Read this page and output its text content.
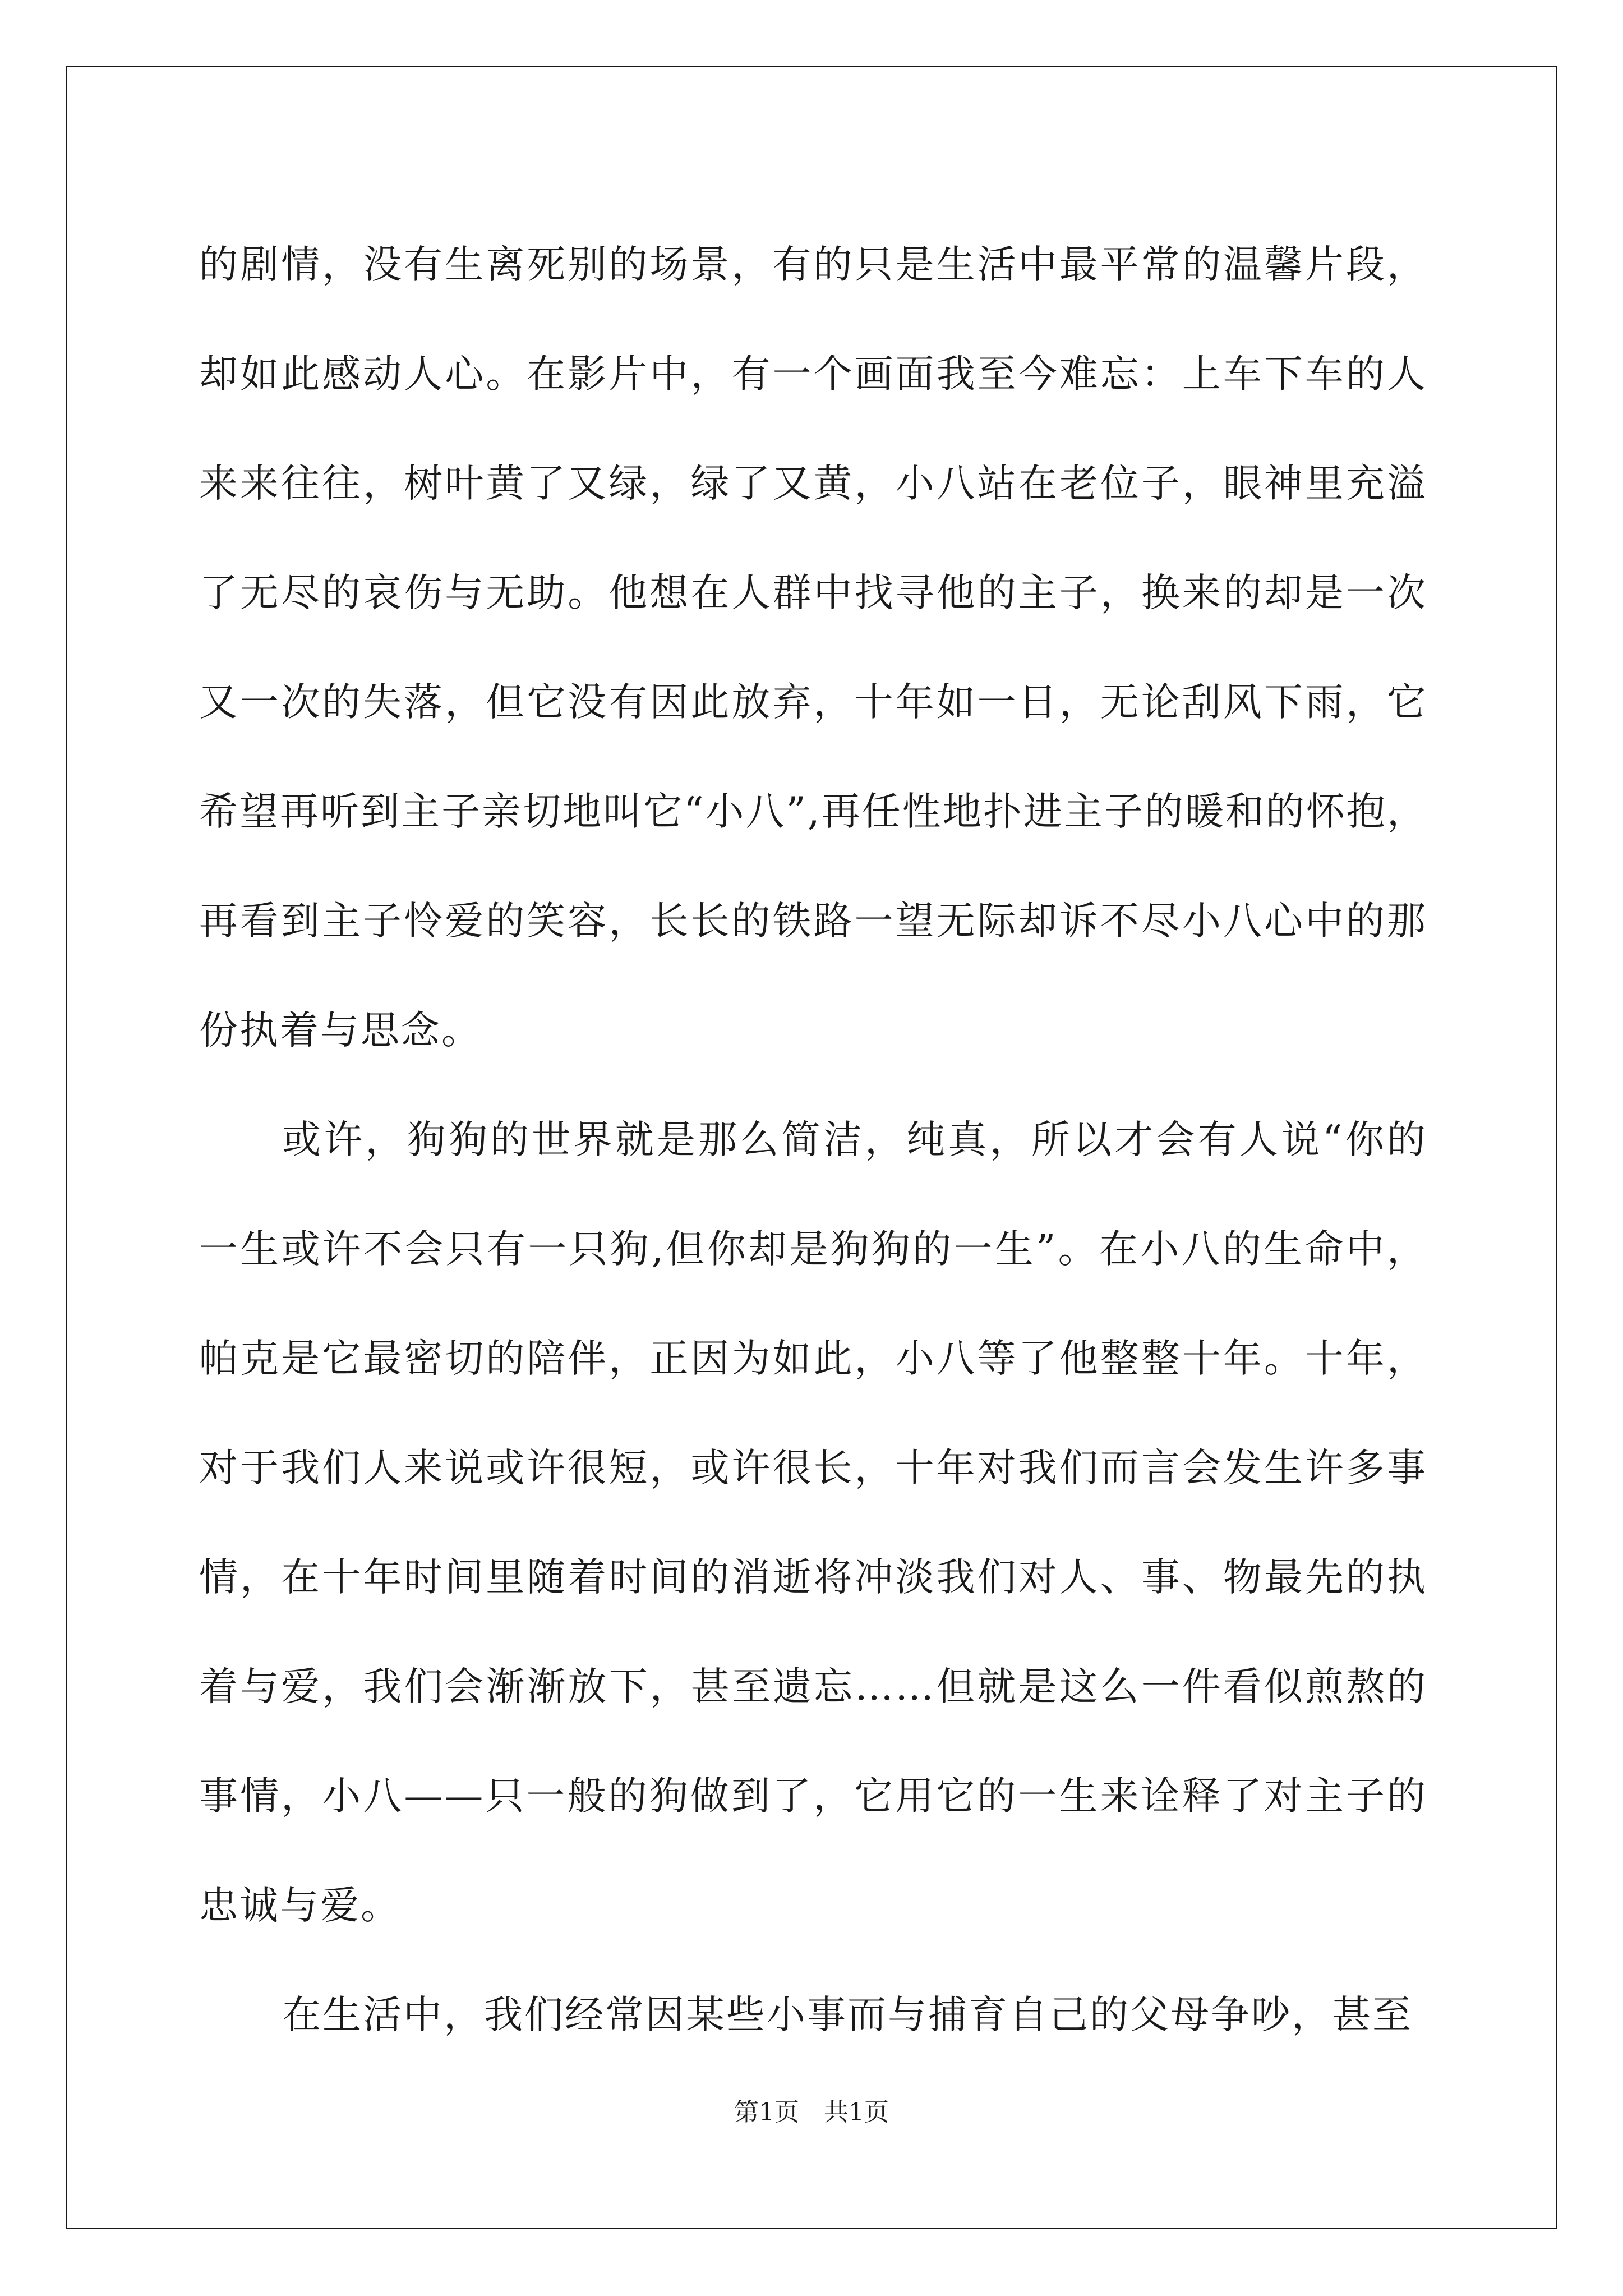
的剧情，没有生离死别的场景，有的只是生活中最平常的温馨片段，却如此感动人心。在影片中，有一个画面我至今难忘：上车下车的人来来往往，树叶黄了又绿，绿了又黄，小八站在老位子，眼神里充溢了无尽的哀伤与无助。他想在人群中找寻他的主子，换来的却是一次又一次的失落，但它没有因此放弃，十年如一日，无论刮风下雨，它希望再听到主子亲切地叫它“小八”,再任性地扑进主子的暖和的怀抱，再看到主子怜爱的笑容，长长的铁路一望无际却诉不尽小八心中的那份执着与思念。

或许，狗狗的世界就是那么简洁，纯真，所以才会有人说“你的一生或许不会只有一只狗,但你却是狗狗的一生”。在小八的生命中，帕克是它最密切的陪伴，正因为如此，小八等了他整整十年。十年，对于我们人来说或许很短，或许很长，十年对我们而言会发生许多事情，在十年时间里随着时间的消逝将冲淡我们对人、事、物最先的执着与爱，我们会渐渐放下，甚至遗忘……但就是这么一件看似煎熬的事情，小八——只一般的狗做到了，它用它的一生来诠释了对主子的忠诚与爱。

在生活中，我们经常因某些小事而与捕育自己的父母争吵，甚至

第1页　共1页
